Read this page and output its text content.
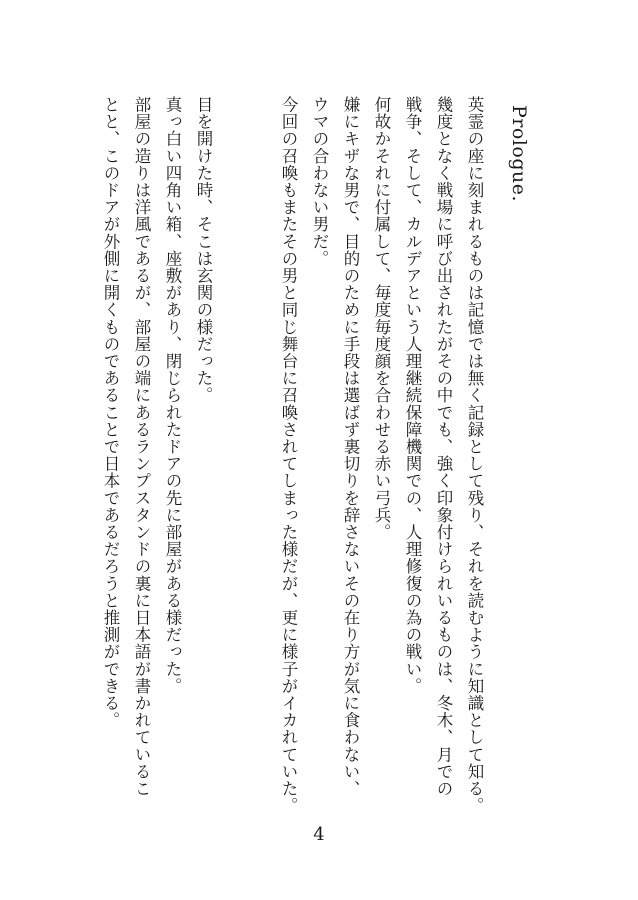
Prologue.
英霊の座に刻まれるものは記憶では無く記録として残り、それを読むように知識として知る。
幾度となく戦場に呼び出されたがその中でも、強く印象付けられいるものは、冬木、月での
戦争、そして、カルデアという人理継続保障機関での、人理修復の為の戦い。
何故かそれに付属して、毎度毎度顔を合わせる赤い弓兵。
嫌にキザな男で、目的のために手段は選ばず裏切りを辞さないその在り方が気に食わない、
ウマの合わない男だ。
今回の召喚もまたその男と同じ舞台に召喚されてしまった様だが、更に様子がイカれていた。
目を開けた時、そこは玄関の様だった。
真っ白い四角い箱、座敷があり、閉じられたドアの先に部屋がある様だった。
部屋の造りは洋風であるが、部屋の端にあるランプスタンドの裏に日本語が書かれているこ
とと、このドアが外側に開くものであることで日本であるだろうと推測ができる。
4
